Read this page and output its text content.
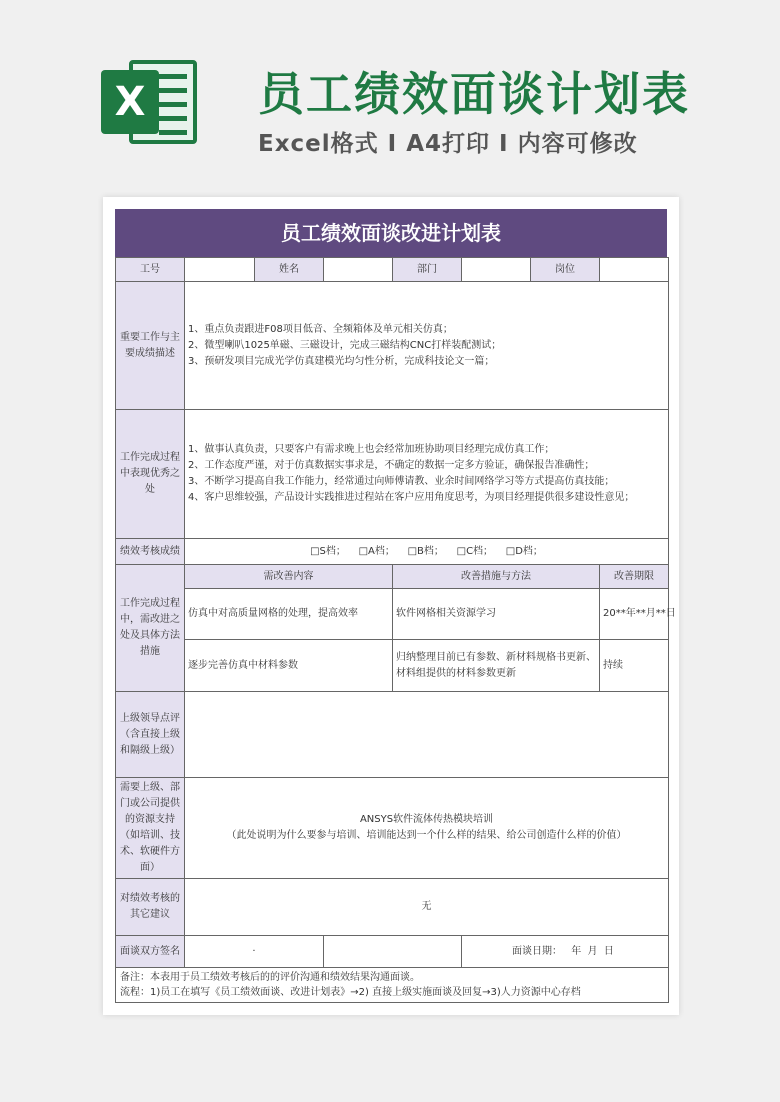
X 员工绩效面谈计划表
Excel格式 I A4打印 I 内容可修改
员工绩效面谈改进计划表
工号		姓名		部门		岗位	
重要工作与主要成绩描述	1、重点负责跟进F08项目低音、全频箱体及单元相关仿真；
2、微型喇叭1025单磁、三磁设计，完成三磁结构CNC打样装配测试；
3、预研发项目完成光学仿真建模光均匀性分析，完成科技论文一篇；						

工作完成过程中表现优秀之处	1、做事认真负责，只要客户有需求晚上也会经常加班协助项目经理完成仿真工作；
2、工作态度严谨，对于仿真数据实事求是，不确定的数据一定多方验证，确保报告准确性；
3、不断学习提高自我工作能力，经常通过向师傅请教、业余时间网络学习等方式提高仿真技能；
4、客户思维较强，产品设计实践推进过程站在客户应用角度思考，为项目经理提供很多建设性意见；						

绩效考核成绩	□S档；    □A档；    □B档；    □C档；    □D档；						
工作完成过程中，需改进之处及具体方法措施	需改善内容			改善措施与方法			改善期限
	仿真中对高质量网格的处理，提高效率			软件网格相关资源学习			20**年**月**日
	逐步完善仿真中材料参数			归纳整理目前已有参数、新材料规格书更新、材料组提供的材料参数更新			持续
上级领导点评（含直接上级和隔级上级）							
需要上级、部门或公司提供的资源支持（如培训、技术、软硬件方面）	ANSYS软件流体传热模块培训
（此处说明为什么要参与培训、培训能达到一个什么样的结果、给公司创造什么样的价值）						

对绩效考核的其它建议	无						
面谈双方签名	·				面谈日期： 年  月  日		

备注：本表用于员工绩效考核后的的评价沟通和绩效结果沟通面谈。
流程：1)员工在填写《员工绩效面谈、改进计划表》→2) 直接上级实施面谈及回复→3)人力资源中心存档							
